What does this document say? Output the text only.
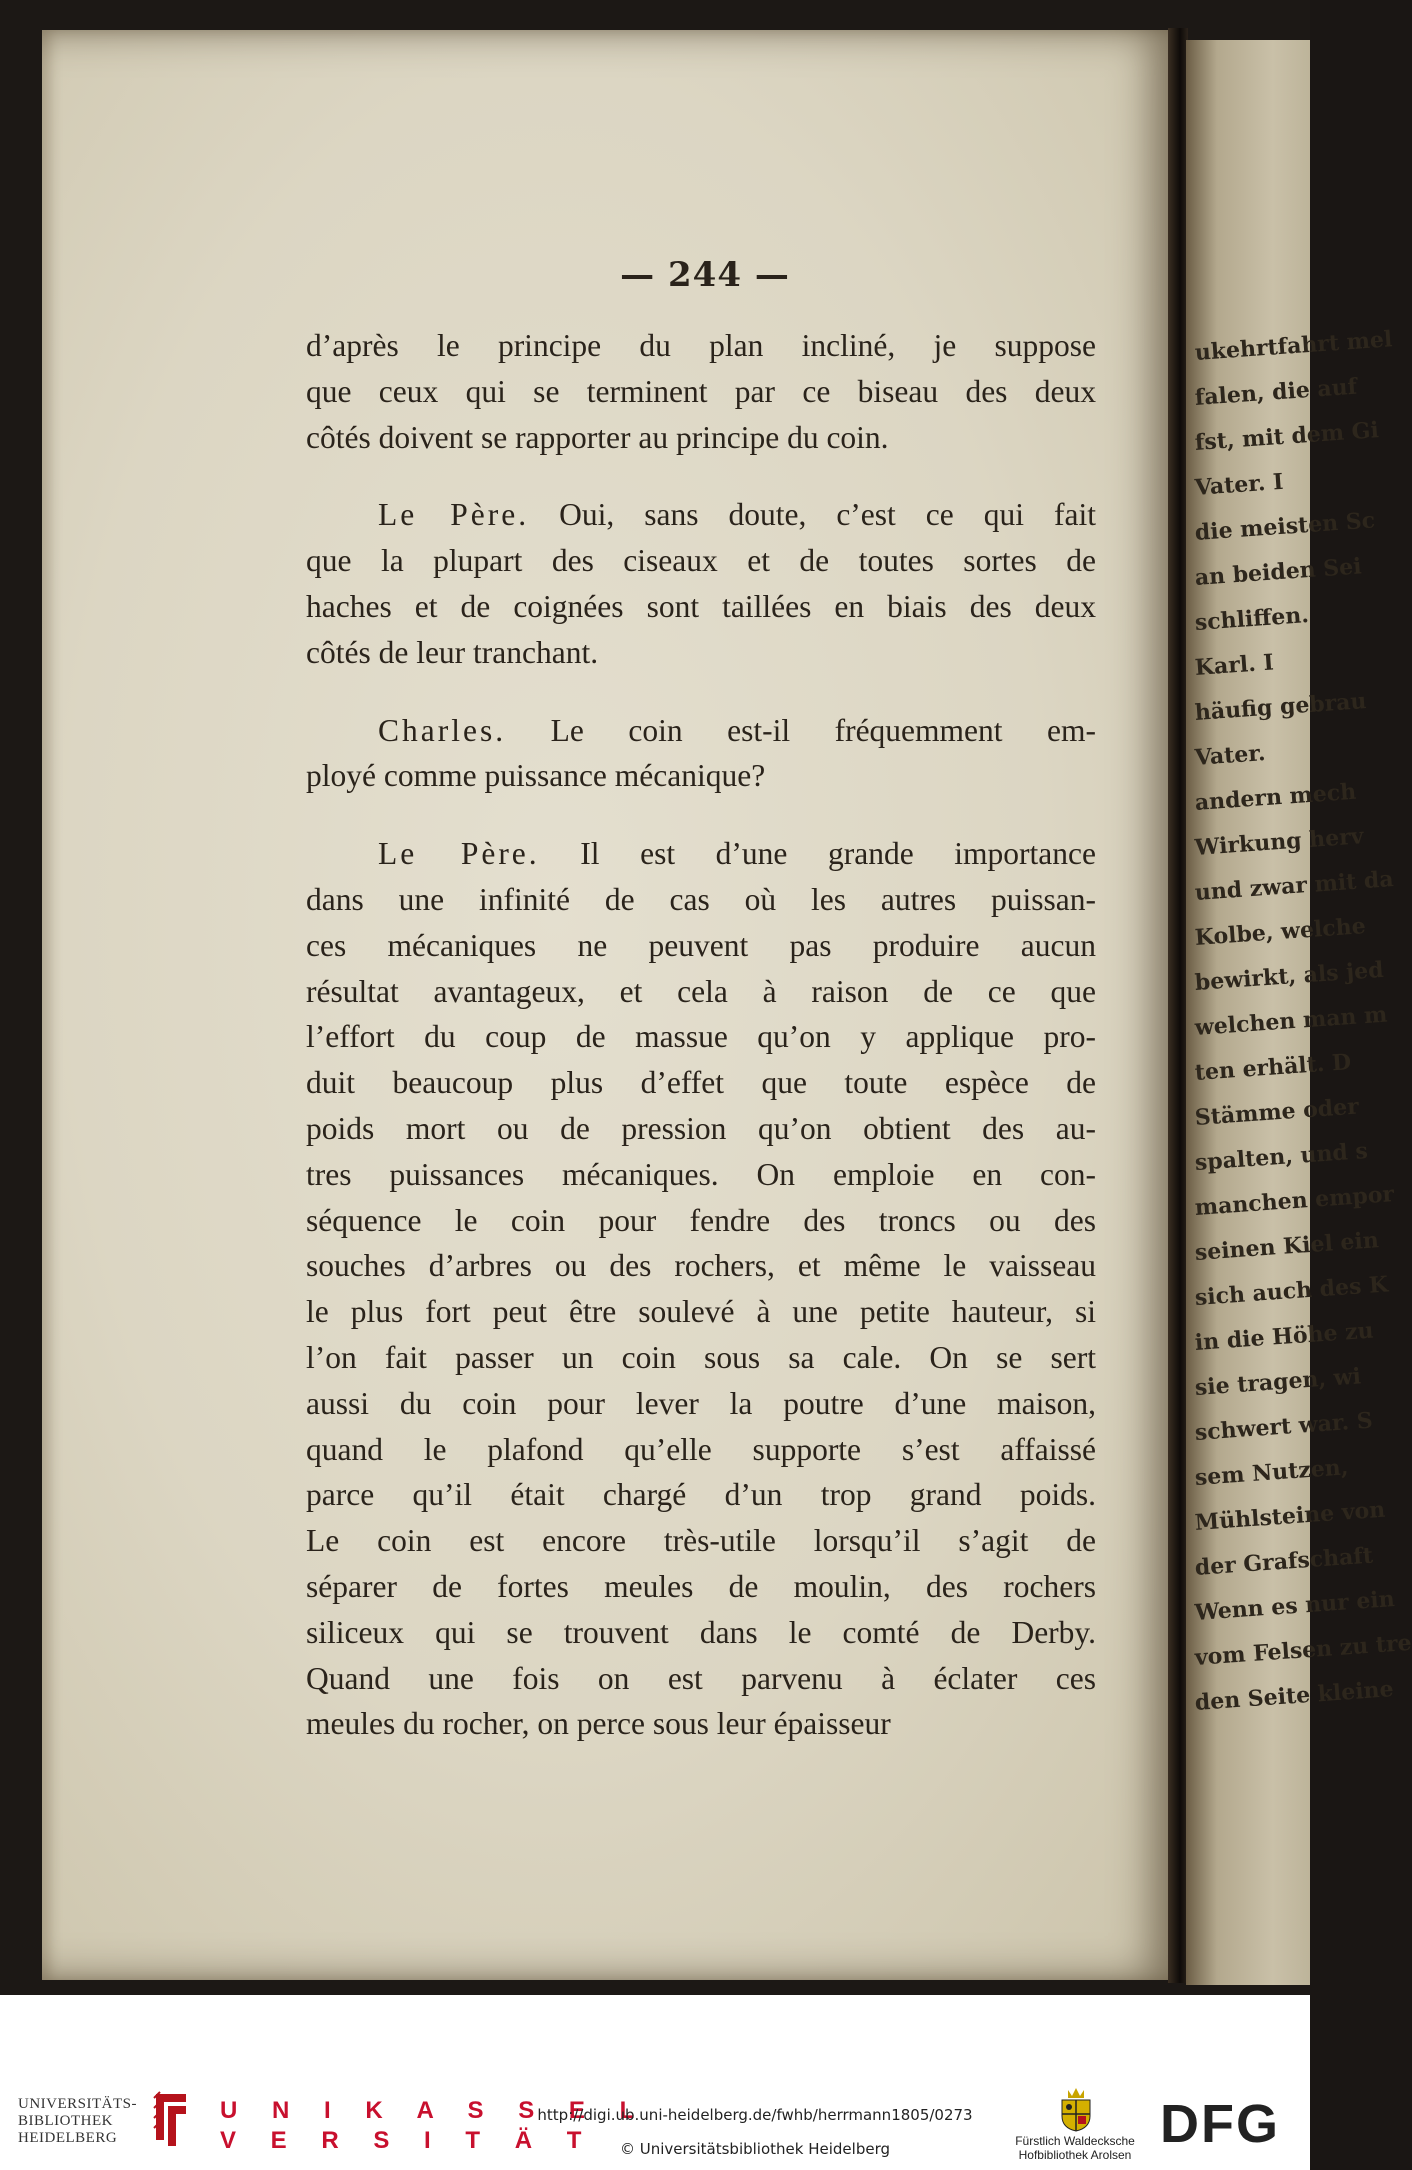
ukehrtfahrt mel
falen, die auf
fst, mit dem Gi
Vater. I
die meisten Sc
an beiden Sei
schliffen.
Karl. I
häufig gebrau
Vater.
andern mech
Wirkung herv
und zwar mit da
Kolbe, welche
bewirkt, als jed
welchen man m
ten erhält. D
Stämme oder
spalten, und s
manchen empor
seinen Kiel ein
sich auch des K
in die Höhe zu
sie tragen, wi
schwert war. S
sem Nutzen,
Mühlsteine von
der Grafschaft
Wenn es nur ein
vom Felsen zu tre
den Seite kleine
— 244 —
d’après le principe du plan incliné, je suppose
que ceux qui se terminent par ce biseau des deux
côtés doivent se rapporter au principe du coin.
Le Père. Oui, sans doute, c’est ce qui fait
que la plupart des ciseaux et de toutes sortes de
haches et de coignées sont taillées en biais des deux
côtés de leur tranchant.
Charles. Le coin est-il fréquemment em-
ployé comme puissance mécanique?
Le Père. Il est d’une grande importance
dans une infinité de cas où les autres puissan-
ces mécaniques ne peuvent pas produire aucun
résultat avantageux, et cela à raison de ce que
l’effort du coup de massue qu’on y applique pro-
duit beaucoup plus d’effet que toute espèce de
poids mort ou de pression qu’on obtient des au-
tres puissances mécaniques. On emploie en con-
séquence le coin pour fendre des troncs ou des
souches d’arbres ou des rochers, et même le vaisseau
le plus fort peut être soulevé à une petite hauteur, si
l’on fait passer un coin sous sa cale. On se sert
aussi du coin pour lever la poutre d’une maison,
quand le plafond qu’elle supporte s’est affaissé
parce qu’il était chargé d’un trop grand poids.
Le coin est encore très-utile lorsqu’il s’agit de
séparer de fortes meules de moulin, des rochers
siliceux qui se trouvent dans le comté de Derby.
Quand une fois on est parvenu à éclater ces
meules du rocher, on perce sous leur épaisseur
UNIVERSITÄTS-
BIBLIOTHEK
HEIDELBERG
U N I K A S S E L
V E R S I T Ä T
http://digi.ub.uni-heidelberg.de/fwhb/herrmann1805/0273
© Universitätsbibliothek Heidelberg	Fürstlich Waldecksche
Hofbibliothek Arolsen
DFG
